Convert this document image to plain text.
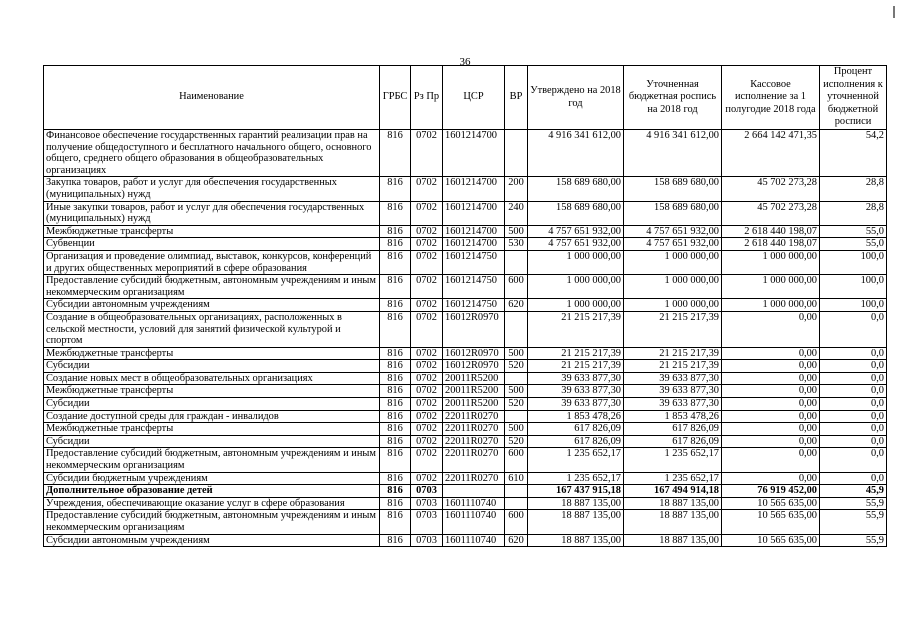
36
Наименование	ГРБС	Рз Пр	ЦСР	ВР	Утверждено на 2018 год	Уточненная бюджетная роспись на 2018 год	Кассовое исполнение за 1 полугодие 2018 года	Процент исполнения к уточненной бюджетной росписи
Финансовое обеспечение государственных гарантий реализации прав на получение общедоступного и бесплатного начального общего, основного общего, среднего общего образования в общеобразовательных организациях	816	0702	1601214700		4 916 341 612,00	4 916 341 612,00	2 664 142 471,35	54,2
Закупка товаров, работ и услуг для обеспечения государственных (муниципальных) нужд	816	0702	1601214700	200	158 689 680,00	158 689 680,00	45 702 273,28	28,8
Иные закупки товаров, работ и услуг для обеспечения государственных (муниципальных) нужд	816	0702	1601214700	240	158 689 680,00	158 689 680,00	45 702 273,28	28,8
Межбюджетные трансферты	816	0702	1601214700	500	4 757 651 932,00	4 757 651 932,00	2 618 440 198,07	55,0
Субвенции	816	0702	1601214700	530	4 757 651 932,00	4 757 651 932,00	2 618 440 198,07	55,0
Организация и проведение олимпиад, выставок, конкурсов, конференций и других общественных мероприятий в сфере образования	816	0702	1601214750		1 000 000,00	1 000 000,00	1 000 000,00	100,0
Предоставление субсидий бюджетным, автономным учреждениям и иным некоммерческим организациям	816	0702	1601214750	600	1 000 000,00	1 000 000,00	1 000 000,00	100,0
Субсидии автономным учреждениям	816	0702	1601214750	620	1 000 000,00	1 000 000,00	1 000 000,00	100,0
Создание в общеобразовательных организациях, расположенных в сельской местности, условий для занятий физической культурой и спортом	816	0702	16012R0970		21 215 217,39	21 215 217,39	0,00	0,0
Межбюджетные трансферты	816	0702	16012R0970	500	21 215 217,39	21 215 217,39	0,00	0,0
Субсидии	816	0702	16012R0970	520	21 215 217,39	21 215 217,39	0,00	0,0
Создание новых мест в общеобразовательных организациях	816	0702	20011R5200		39 633 877,30	39 633 877,30	0,00	0,0
Межбюджетные трансферты	816	0702	20011R5200	500	39 633 877,30	39 633 877,30	0,00	0,0
Субсидии	816	0702	20011R5200	520	39 633 877,30	39 633 877,30	0,00	0,0
Создание доступной среды для граждан - инвалидов	816	0702	22011R0270		1 853 478,26	1 853 478,26	0,00	0,0
Межбюджетные трансферты	816	0702	22011R0270	500	617 826,09	617 826,09	0,00	0,0
Субсидии	816	0702	22011R0270	520	617 826,09	617 826,09	0,00	0,0
Предоставление субсидий бюджетным, автономным учреждениям и иным некоммерческим организациям	816	0702	22011R0270	600	1 235 652,17	1 235 652,17	0,00	0,0
Субсидии бюджетным учреждениям	816	0702	22011R0270	610	1 235 652,17	1 235 652,17	0,00	0,0
Дополнительное образование детей	816	0703			167 437 915,18	167 494 914,18	76 919 452,00	45,9
Учреждения, обеспечивающие оказание услуг в сфере образования	816	0703	1601110740		18 887 135,00	18 887 135,00	10 565 635,00	55,9
Предоставление субсидий бюджетным, автономным учреждениям и иным некоммерческим организациям	816	0703	1601110740	600	18 887 135,00	18 887 135,00	10 565 635,00	55,9
Субсидии автономным учреждениям	816	0703	1601110740	620	18 887 135,00	18 887 135,00	10 565 635,00	55,9
